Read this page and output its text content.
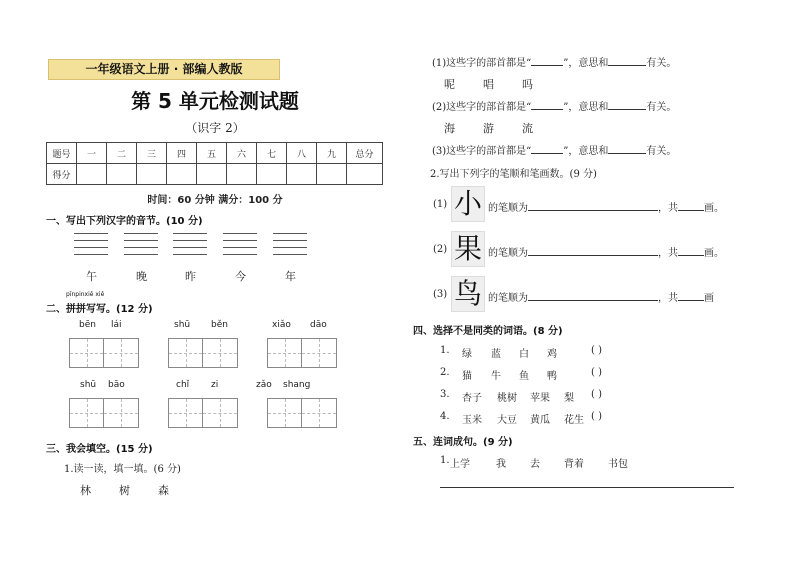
一年级语文上册 · 部编人教版
第 5 单元检测试题
（识字 2）
题号	一	二	三	四	五	六	七	八	九	总分
得分										
时间：60 分钟 满分：100 分
一、写出下列汉字的音节。(10 分)
午	晚	昨	今	年
二、
pīnpinxiě xiě
拼拼写写。(12 分)
bēn lái	shū běn	xiǎo dāo
shū bāo	chǐ zi	zǎo shang
三、我会填空。(15 分)
1.读一读，填一填。(6 分)
林	树	森
(1)这些字的部首都是“	”，意思和	有关。
呢	唱	吗
(2)这些字的部首都是“	”，意思和	有关。
海	游	流
(3)这些字的部首都是“	”，意思和	有关。
2.写出下列字的笔顺和笔画数。(9 分)
(1) 小 的笔顺为	，共	画。
(2) 果 的笔顺为	，共	画。
(3) 鸟 的笔顺为	，共	画
四、选择不是同类的词语。(8 分)
1. 绿 蓝 白 鸡	( )
2. 猫 牛 鱼 鸭	( )
3. 杏子 桃树 苹果 梨 ( )
4. 玉米 大豆 黄瓜 花生 ( )
五、连词成句。(9 分)
1. 上学	我 去 背着 书包
